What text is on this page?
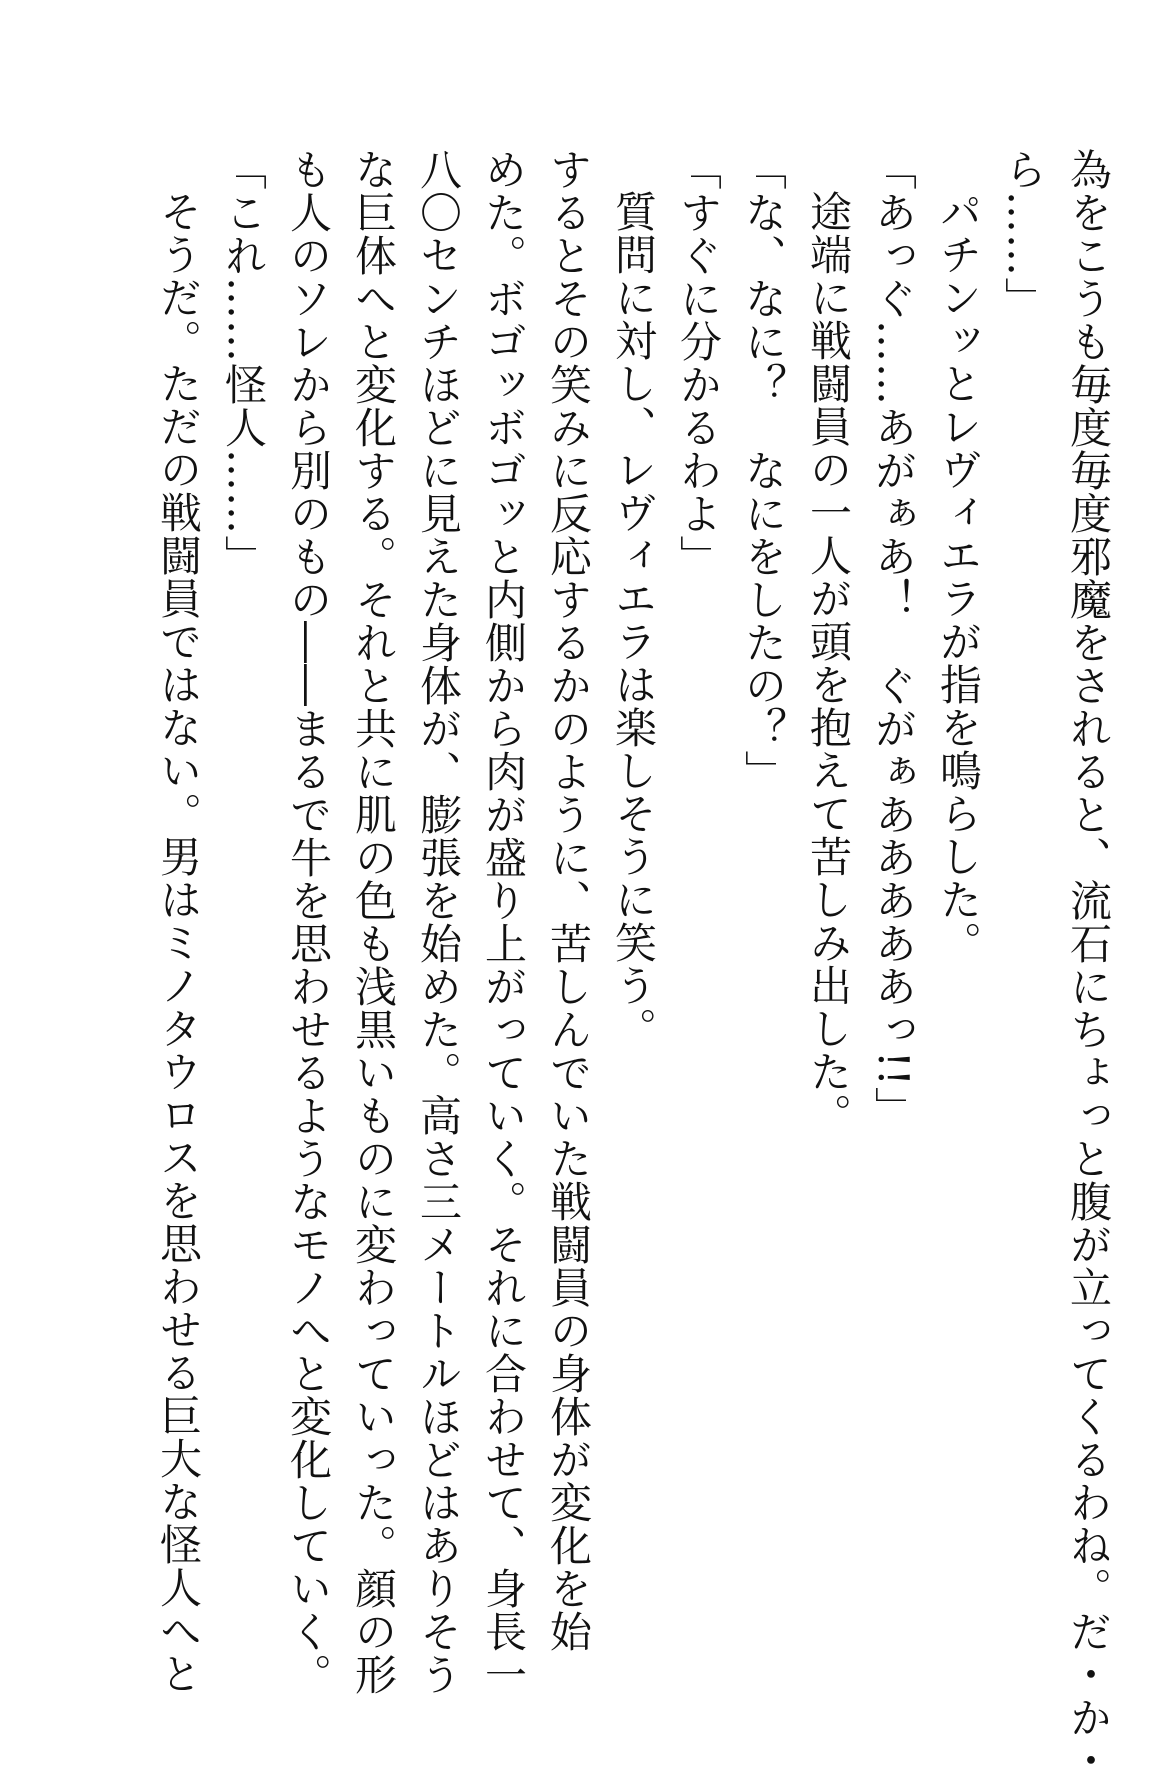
為をこうも毎度毎度邪魔をされると、流石にちょっと腹が立ってくるわね。だ・か・
ら……」
パチンッとレヴィエラが指を鳴らした。
「あっぐ……あがぁあ！　ぐがぁあああああっ!!」
途端に戦闘員の一人が頭を抱えて苦しみ出した。
「な、なに？　なにをしたの？」
「すぐに分かるわよ」
質問に対し、レヴィエラは楽しそうに笑う。
するとその笑みに反応するかのように、苦しんでいた戦闘員の身体が変化を始
めた。ボゴッボゴッと内側から肉が盛り上がっていく。それに合わせて、身長一
八〇センチほどに見えた身体が、膨張を始めた。高さ三メートルほどはありそう
な巨体へと変化する。それと共に肌の色も浅黒いものに変わっていった。顔の形
も人のソレから別のもの――まるで牛を思わせるようなモノへと変化していく。
「これ……怪人……」
そうだ。ただの戦闘員ではない。男はミノタウロスを思わせる巨大な怪人へと
